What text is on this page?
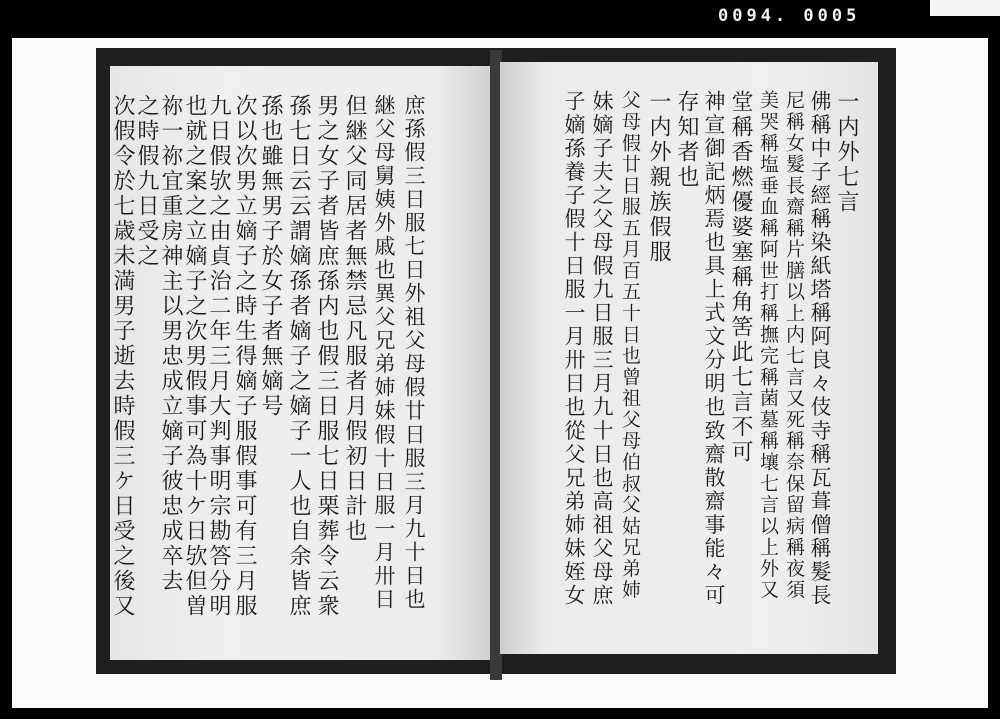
0094. 0005
庶孫假三日服七日外祖父母假廿日服三月九十日也
継父母舅姨外戚也異父兄弟姉妹假十日服一月卅日
但継父同居者無禁忌凡服者月假初日計也
男之女子者皆庶孫内也假三日服七日栗葬令云衆
孫七日云云謂嫡孫者嫡子之嫡子一人也自余皆庶
孫也雖無男子於女子者無嫡号
次以次男立嫡子之時生得嫡子服假事可有三月服
九日假欤之由貞治二年三月大判事明宗勘答分明
也就之案之立嫡子之次男假事可為十ケ日欤但曽
祢一祢宜重房神主以男忠成立嫡子彼忠成卒去
之時假九日受之
次假令於七歳未満男子逝去時假三ケ日受之後又	一内外七言
佛稱中子經稱染紙塔稱阿良々伎寺稱瓦葺僧稱髮長
尼稱女髮長齋稱片膳以上内七言又死稱奈保留病稱夜須
美哭稱塩垂血稱阿世打稱撫完稱菌墓稱壤七言以上外又
堂稱香燃優婆塞稱角筈此七言不可
神宣御記炳焉也具上式文分明也致齋散齋事能々可
存知者也
一内外親族假服
父母假廿日服五月百五十日也曾祖父母伯叔父姑兄弟姉
妹嫡子夫之父母假九日服三月九十日也高祖父母庶
子嫡孫養子假十日服一月卅日也從父兄弟姉妹姪女
